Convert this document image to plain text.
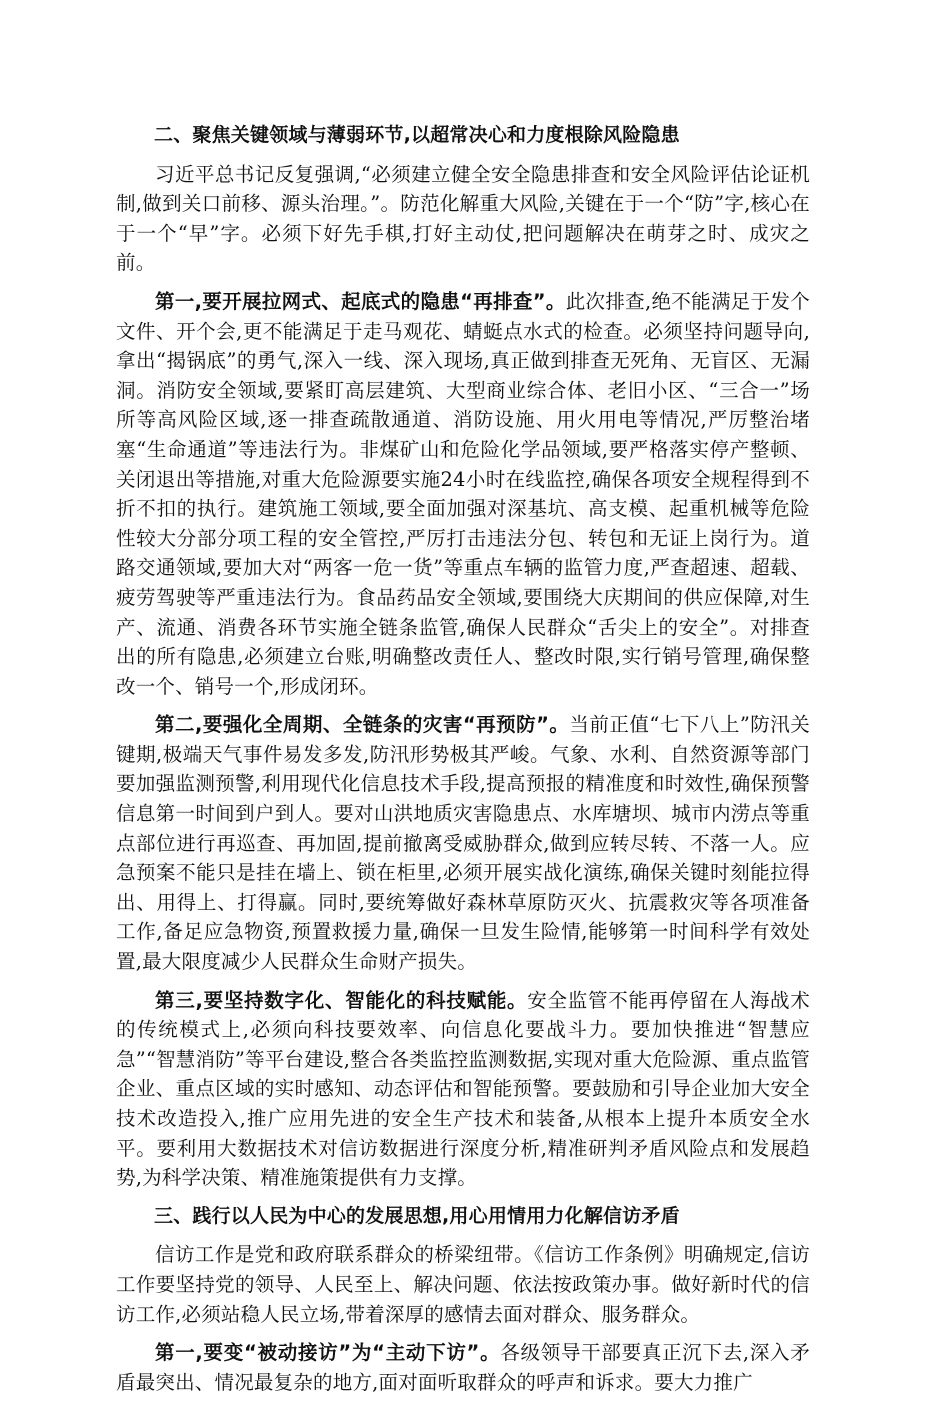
二、聚焦关键领域与薄弱环节,以超常决心和力度根除风险隐患

习近平总书记反复强调,“必须建立健全安全隐患排查和安全风险评估论证机制,做到关口前移、源头治理。”。防范化解重大风险,关键在于一个“防”字,核心在于一个“早”字。必须下好先手棋,打好主动仗,把问题解决在萌芽之时、成灾之前。

第一,要开展拉网式、起底式的隐患“再排查”。此次排查,绝不能满足于发个文件、开个会,更不能满足于走马观花、蜻蜓点水式的检查。必须坚持问题导向,拿出“揭锅底”的勇气,深入一线、深入现场,真正做到排查无死角、无盲区、无漏洞。消防安全领域,要紧盯高层建筑、大型商业综合体、老旧小区、“三合一”场所等高风险区域,逐一排查疏散通道、消防设施、用火用电等情况,严厉整治堵塞“生命通道”等违法行为。非煤矿山和危险化学品领域,要严格落实停产整顿、关闭退出等措施,对重大危险源要实施24小时在线监控,确保各项安全规程得到不折不扣的执行。建筑施工领域,要全面加强对深基坑、高支模、起重机械等危险性较大分部分项工程的安全管控,严厉打击违法分包、转包和无证上岗行为。道路交通领域,要加大对“两客一危一货”等重点车辆的监管力度,严查超速、超载、疲劳驾驶等严重违法行为。食品药品安全领域,要围绕大庆期间的供应保障,对生产、流通、消费各环节实施全链条监管,确保人民群众“舌尖上的安全”。对排查出的所有隐患,必须建立台账,明确整改责任人、整改时限,实行销号管理,确保整改一个、销号一个,形成闭环。

第二,要强化全周期、全链条的灾害“再预防”。当前正值“七下八上”防汛关键期,极端天气事件易发多发,防汛形势极其严峻。气象、水利、自然资源等部门要加强监测预警,利用现代化信息技术手段,提高预报的精准度和时效性,确保预警信息第一时间到户到人。要对山洪地质灾害隐患点、水库塘坝、城市内涝点等重点部位进行再巡查、再加固,提前撤离受威胁群众,做到应转尽转、不落一人。应急预案不能只是挂在墙上、锁在柜里,必须开展实战化演练,确保关键时刻能拉得出、用得上、打得赢。同时,要统筹做好森林草原防灭火、抗震救灾等各项准备工作,备足应急物资,预置救援力量,确保一旦发生险情,能够第一时间科学有效处置,最大限度减少人民群众生命财产损失。

第三,要坚持数字化、智能化的科技赋能。安全监管不能再停留在人海战术的传统模式上,必须向科技要效率、向信息化要战斗力。要加快推进“智慧应急”“智慧消防”等平台建设,整合各类监控监测数据,实现对重大危险源、重点监管企业、重点区域的实时感知、动态评估和智能预警。要鼓励和引导企业加大安全技术改造投入,推广应用先进的安全生产技术和装备,从根本上提升本质安全水平。要利用大数据技术对信访数据进行深度分析,精准研判矛盾风险点和发展趋势,为科学决策、精准施策提供有力支撑。

三、践行以人民为中心的发展思想,用心用情用力化解信访矛盾

信访工作是党和政府联系群众的桥梁纽带。《信访工作条例》明确规定,信访工作要坚持党的领导、人民至上、解决问题、依法按政策办事。做好新时代的信访工作,必须站稳人民立场,带着深厚的感情去面对群众、服务群众。

第一,要变“被动接访”为“主动下访”。各级领导干部要真正沉下去,深入矛盾最突出、情况最复杂的地方,面对面听取群众的呼声和诉求。要大力推广
